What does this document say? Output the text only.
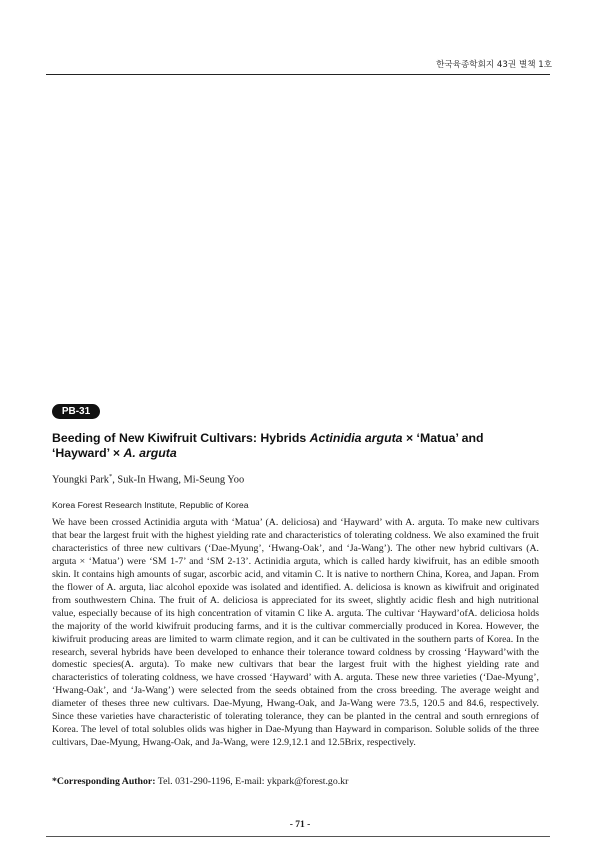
한국육종학회지 43권 별책 1호
PB-31
Beeding of New Kiwifruit Cultivars: Hybrids Actinidia arguta × ‘Matua’ and ‘Hayward’ × A. arguta
Youngki Park*, Suk-In Hwang, Mi-Seung Yoo
Korea Forest Research Institute, Republic of Korea
We have been crossed Actinidia arguta with ‘Matua’ (A. deliciosa) and ‘Hayward’ with A. arguta. To make new cultivars that bear the largest fruit with the highest yielding rate and characteristics of tolerating coldness. We also examined the fruit characteristics of three new cultivars (‘Dae-Myung’, ‘Hwang-Oak’, and ‘Ja-Wang’). The other new hybrid cultivars (A. arguta × ‘Matua’) were ‘SM 1-7’ and ‘SM 2-13’. Actinidia arguta, which is called hardy kiwifruit, has an edible smooth skin. It contains high amounts of sugar, ascorbic acid, and vitamin C. It is native to northern China, Korea, and Japan. From the flower of A. arguta, liac alcohol epoxide was isolated and identified. A. deliciosa is known as kiwifruit and originated from southwestern China. The fruit of A. deliciosa is appreciated for its sweet, slightly acidic flesh and high nutritional value, especially because of its high concentration of vitamin C like A. arguta. The cultivar ‘Hayward’ofA. deliciosa holds the majority of the world kiwifruit producing farms, and it is the cultivar commercially produced in Korea. However, the kiwifruit producing areas are limited to warm climate region, and it can be cultivated in the southern parts of Korea. In the research, several hybrids have been developed to enhance their tolerance toward coldness by crossing ‘Hayward’with the domestic species(A. arguta). To make new cultivars that bear the largest fruit with the highest yielding rate and characteristics of tolerating coldness, we have crossed ‘Hayward’ with A. arguta. These new three varieties (‘Dae-Myung’, ‘Hwang-Oak’, and ‘Ja-Wang’) were selected from the seeds obtained from the cross breeding. The average weight and diameter of theses three new cultivars. Dae-Myung, Hwang-Oak, and Ja-Wang were 73.5, 120.5 and 84.6, respectively. Since these varieties have characteristic of tolerating tolerance, they can be planted in the central and south ernregions of Korea. The level of total solubles olids was higher in Dae-Myung than Hayward in comparison. Soluble solids of the three cultivars, Dae-Myung, Hwang-Oak, and Ja-Wang, were 12.9,12.1 and 12.5Brix, respectively.
*Corresponding Author: Tel. 031-290-1196, E-mail: ykpark@forest.go.kr
- 71 -
